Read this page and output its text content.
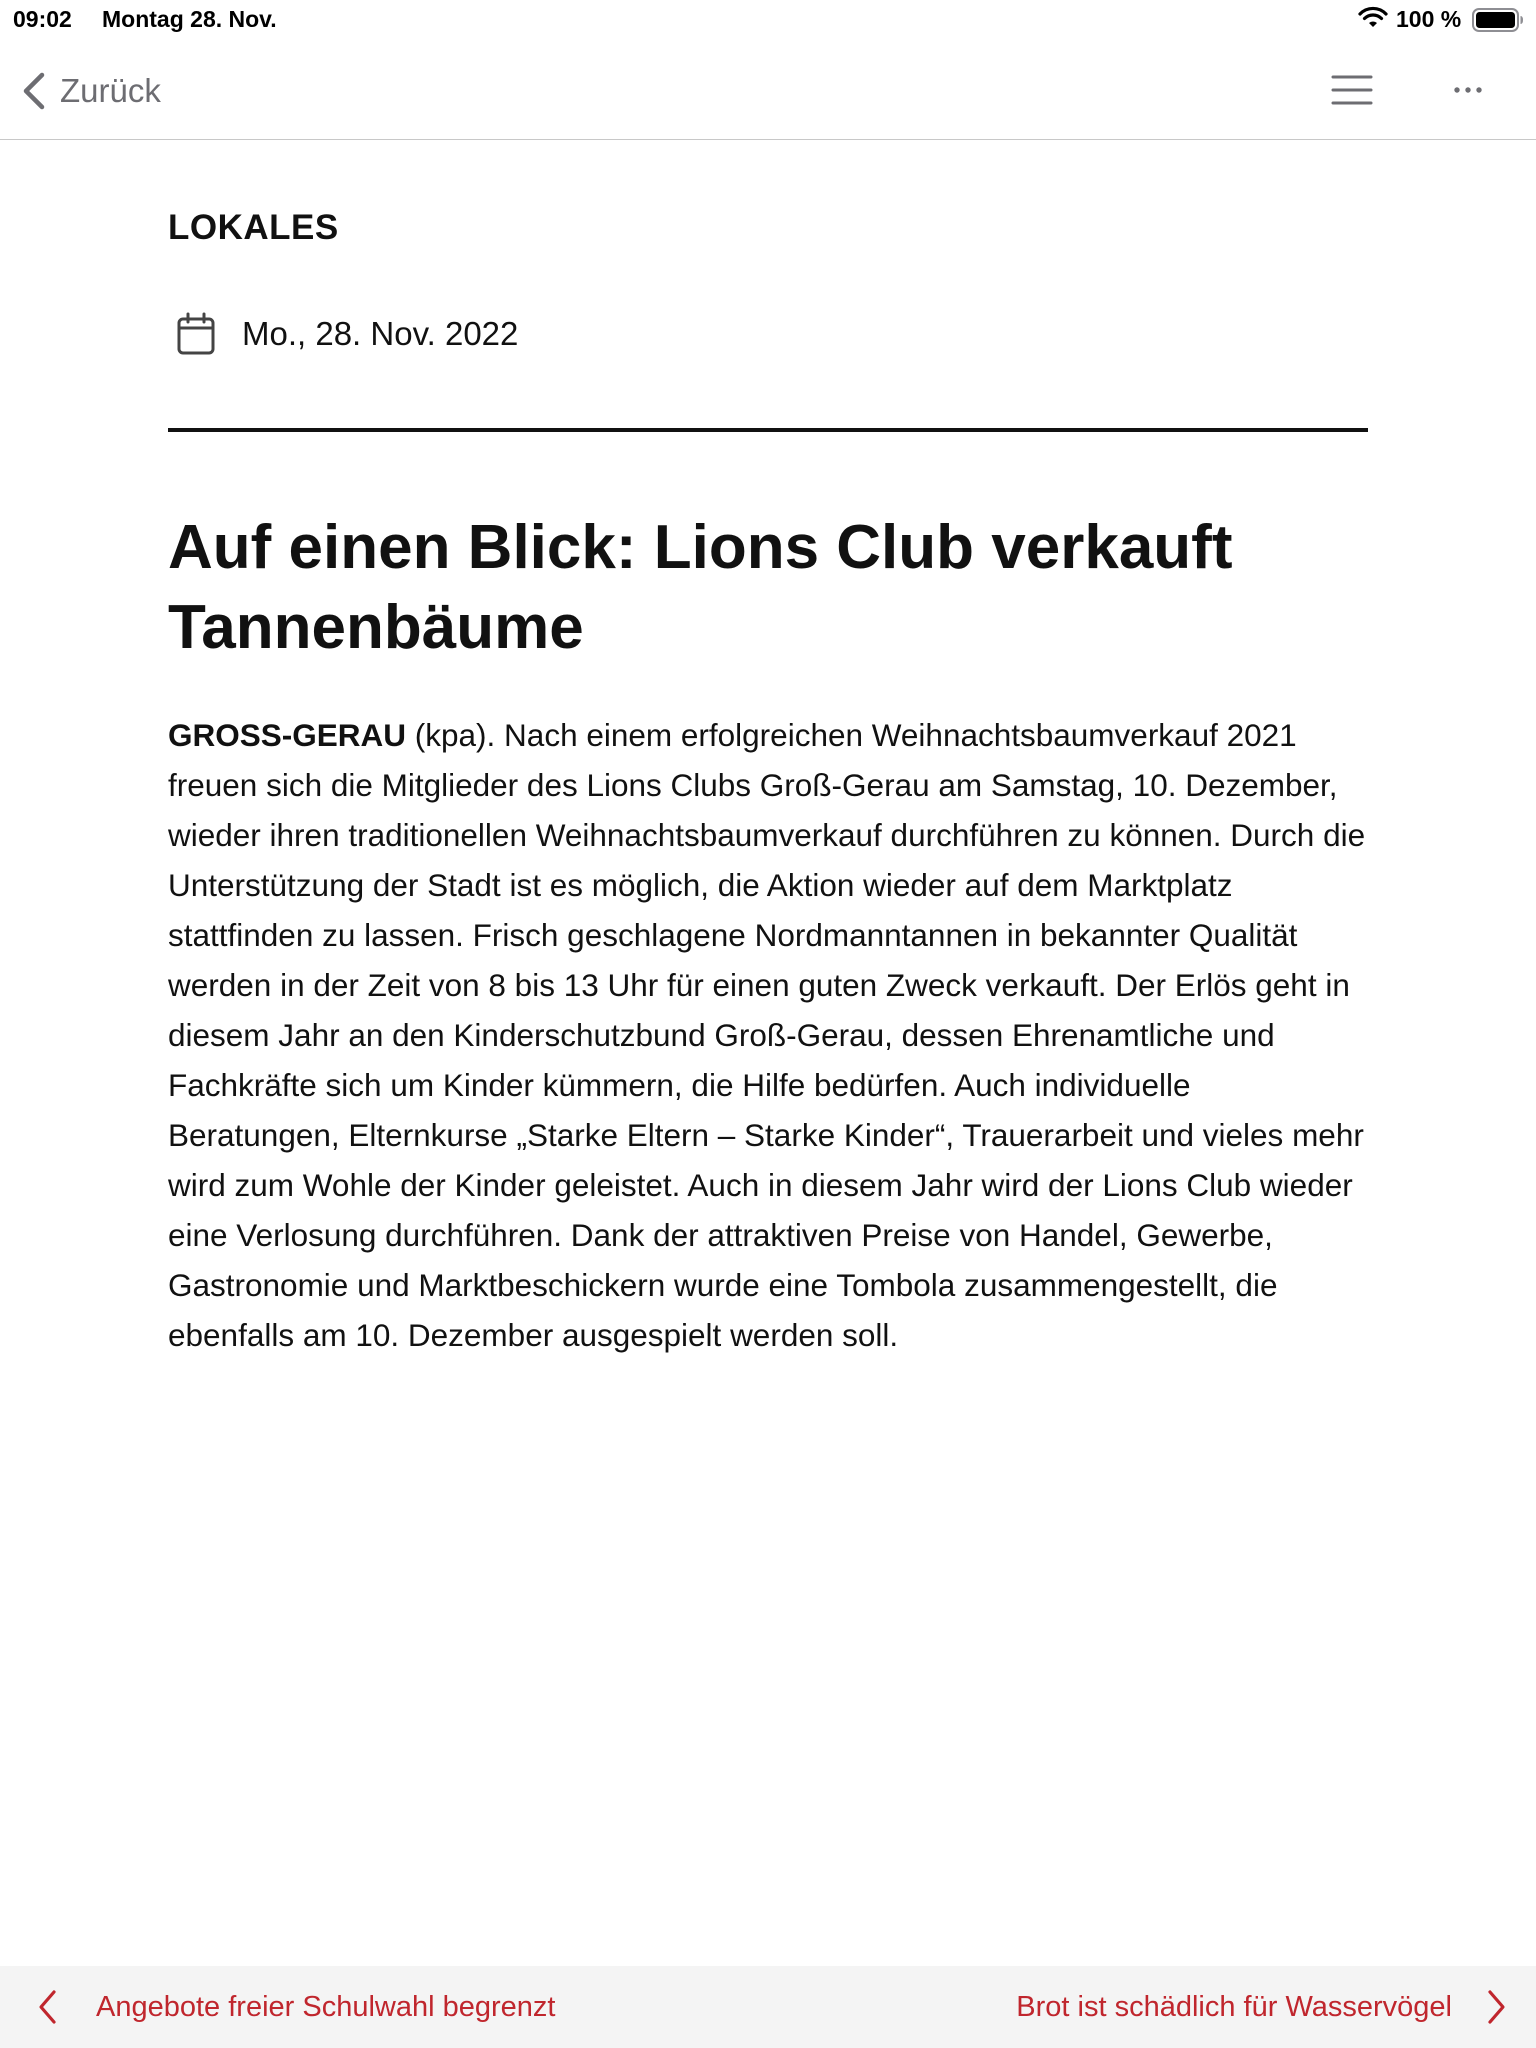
09:02 Montag 28. Nov.	100 %
Zurück
LOKALES
Mo., 28. Nov. 2022
Auf einen Blick: Lions Club verkauft Tannenbäume

GROSS-GERAU (kpa). Nach einem erfolgreichen Weihnachtsbaumverkauf 2021 freuen sich die Mitglieder des Lions Clubs Groß-Gerau am Samstag, 10. Dezember, wieder ihren traditionellen Weihnachtsbaumverkauf durchführen zu können. Durch die Unterstützung der Stadt ist es möglich, die Aktion wieder auf dem Marktplatz stattfinden zu lassen. Frisch geschlagene Nordmanntannen in bekannter Qualität werden in der Zeit von 8 bis 13 Uhr für einen guten Zweck verkauft. Der Erlös geht in diesem Jahr an den Kinderschutzbund Groß-Gerau, dessen Ehrenamtliche und Fachkräfte sich um Kinder kümmern, die Hilfe bedürfen. Auch individuelle Beratungen, Elternkurse „Starke Eltern – Starke Kinder“, Trauerarbeit und vieles mehr wird zum Wohle der Kinder geleistet. Auch in diesem Jahr wird der Lions Club wieder eine Verlosung durchführen. Dank der attraktiven Preise von Handel, Gewerbe, Gastronomie und Marktbeschickern wurde eine Tombola zusammengestellt, die ebenfalls am 10. Dezember ausgespielt werden soll.

Angebote freier Schulwahl begrenzt	Brot ist schädlich für Wasservögel
